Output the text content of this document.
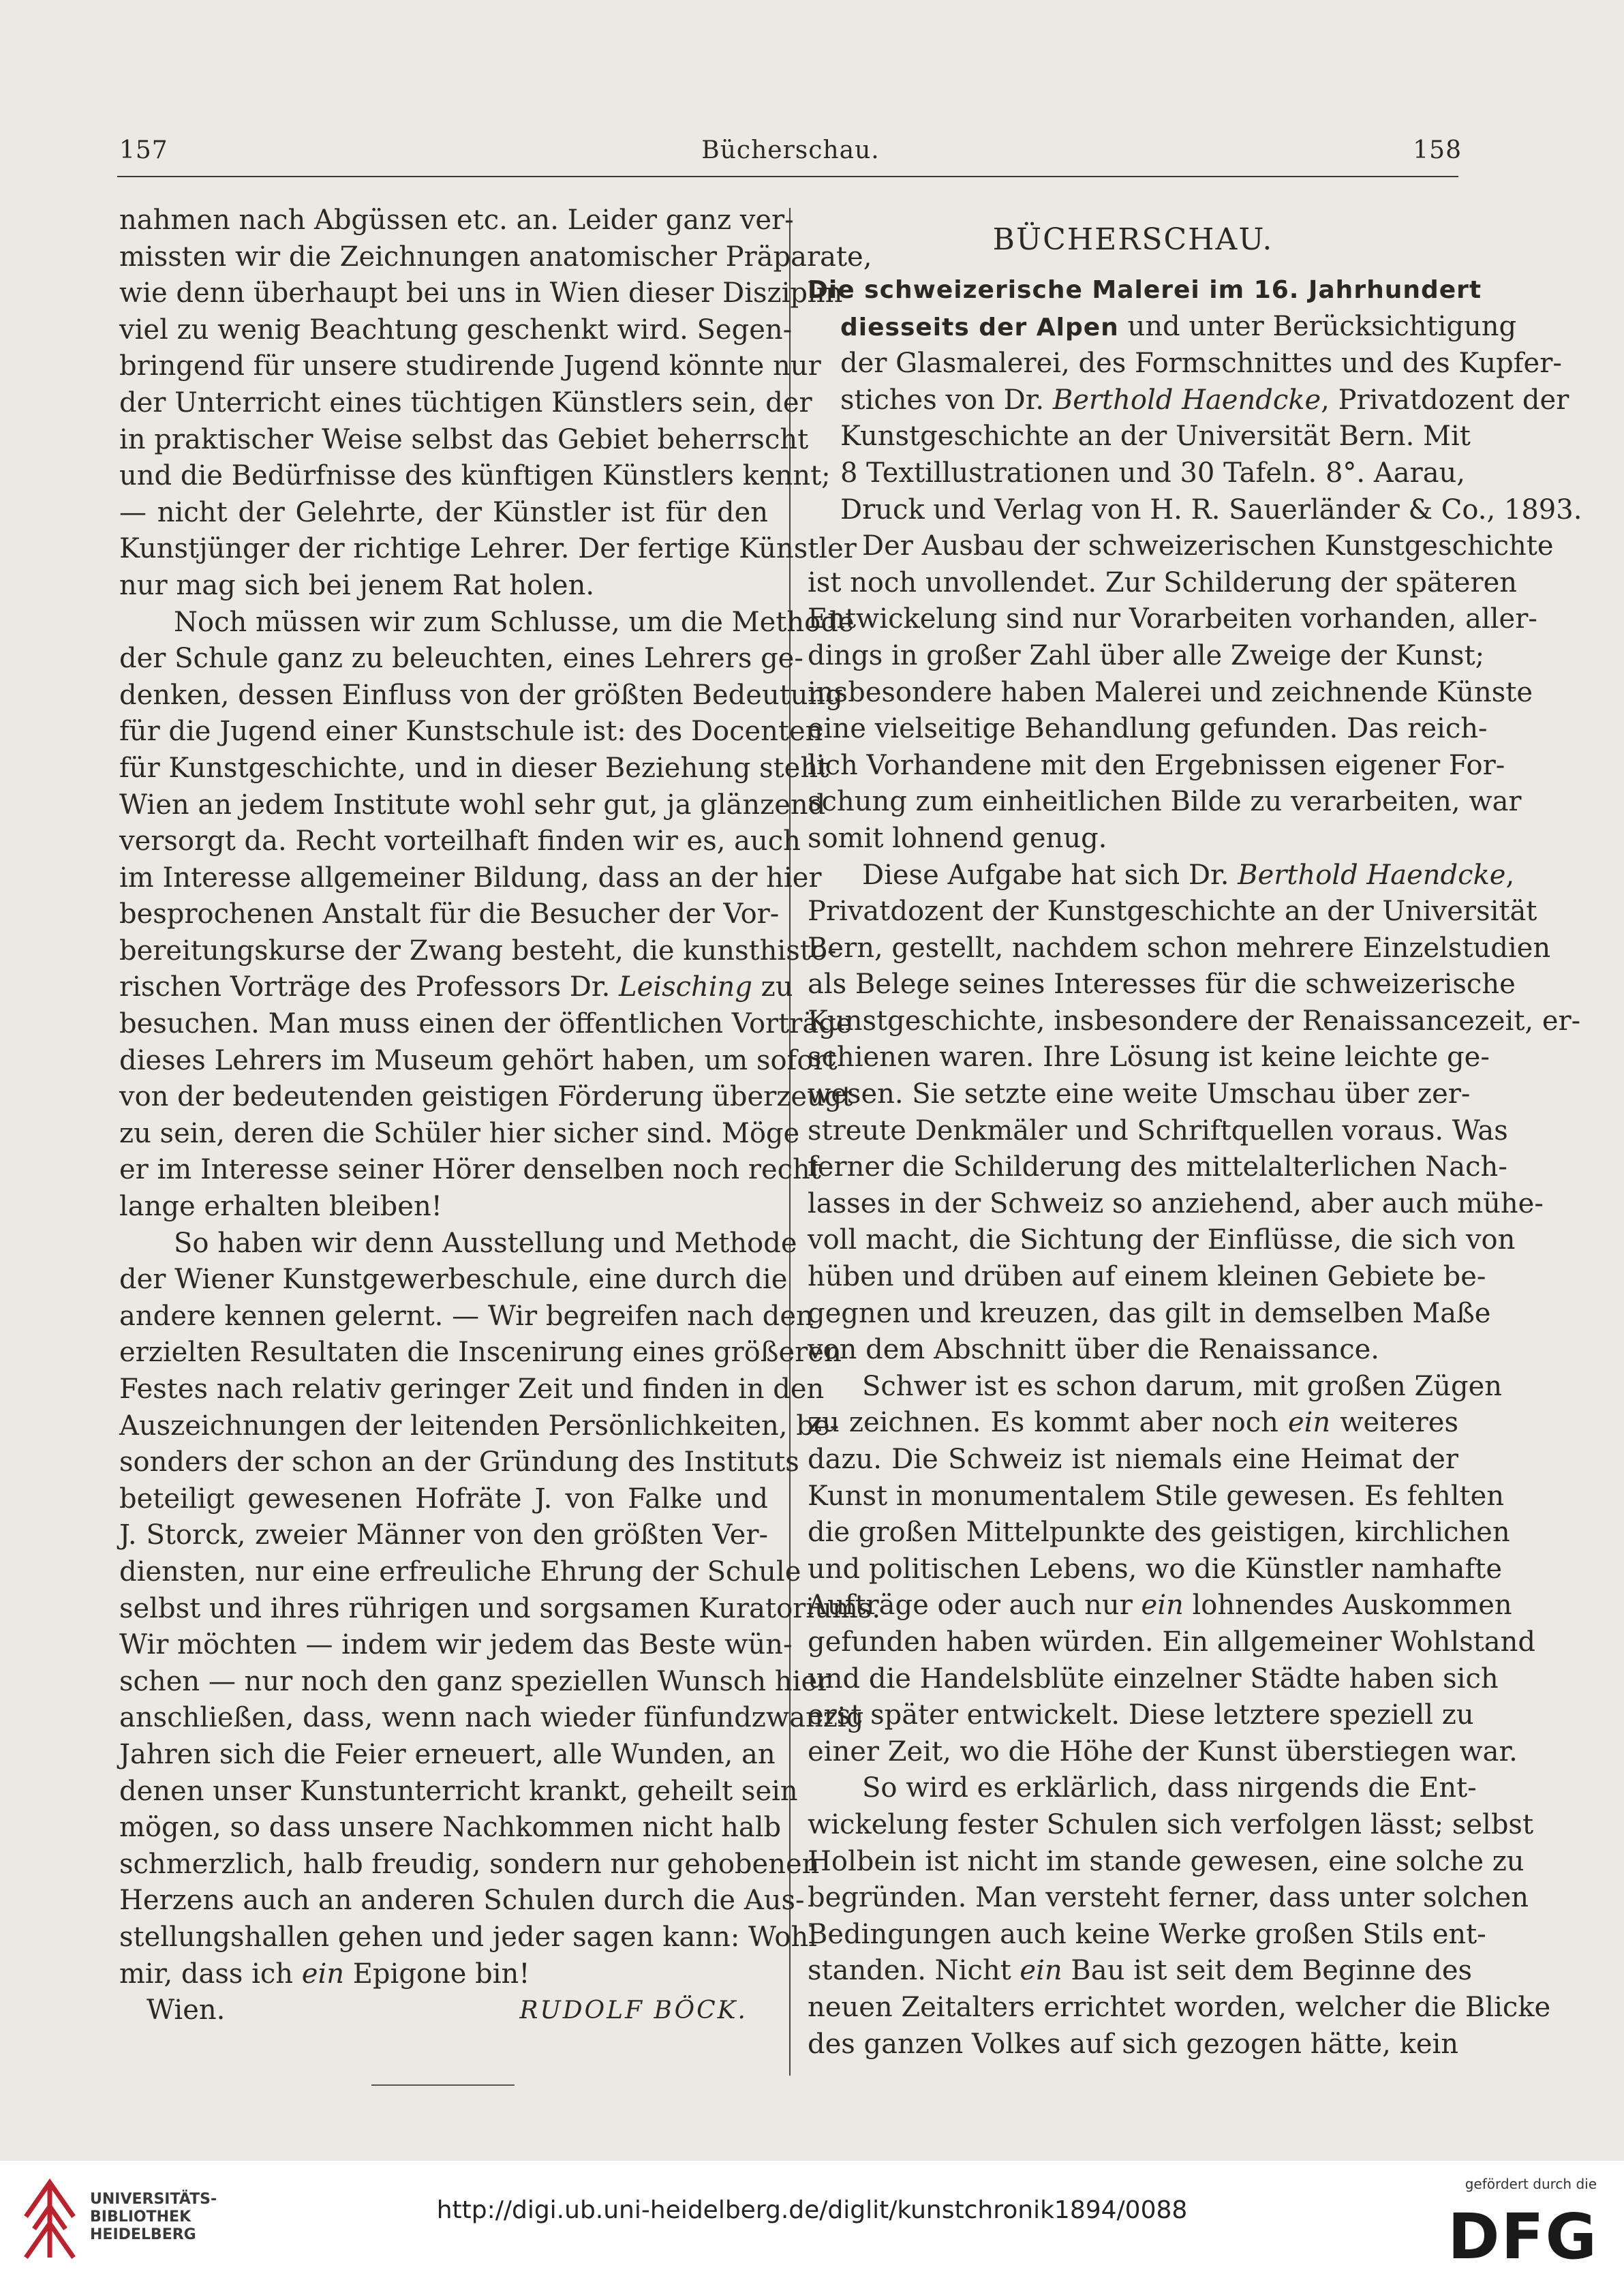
157	Bücherschau.	158
nahmen nach Abgüssen etc. an. Leider ganz ver-
missten wir die Zeichnungen anatomischer Präparate,
wie denn überhaupt bei uns in Wien dieser Disziplin
viel zu wenig Beachtung geschenkt wird. Segen-
bringend für unsere studirende Jugend könnte nur
der Unterricht eines tüchtigen Künstlers sein, der
in praktischer Weise selbst das Gebiet beherrscht
und die Bedürfnisse des künftigen Künstlers kennt;
— nicht der Gelehrte, der Künstler ist für den
Kunstjünger der richtige Lehrer. Der fertige Künstler
nur mag sich bei jenem Rat holen.
Noch müssen wir zum Schlusse, um die Methode
der Schule ganz zu beleuchten, eines Lehrers ge-
denken, dessen Einfluss von der größten Bedeutung
für die Jugend einer Kunstschule ist: des Docenten
für Kunstgeschichte, und in dieser Beziehung steht
Wien an jedem Institute wohl sehr gut, ja glänzend
versorgt da. Recht vorteilhaft finden wir es, auch
im Interesse allgemeiner Bildung, dass an der hier
besprochenen Anstalt für die Besucher der Vor-
bereitungskurse der Zwang besteht, die kunsthisto-
rischen Vorträge des Professors Dr. Leisching zu
besuchen. Man muss einen der öffentlichen Vorträge
dieses Lehrers im Museum gehört haben, um sofort
von der bedeutenden geistigen Förderung überzeugt
zu sein, deren die Schüler hier sicher sind. Möge
er im Interesse seiner Hörer denselben noch recht
lange erhalten bleiben!
So haben wir denn Ausstellung und Methode
der Wiener Kunstgewerbeschule, eine durch die
andere kennen gelernt. — Wir begreifen nach den
erzielten Resultaten die Inscenirung eines größeren
Festes nach relativ geringer Zeit und finden in den
Auszeichnungen der leitenden Persönlichkeiten, be-
sonders der schon an der Gründung des Instituts
beteiligt gewesenen Hofräte J. von Falke und
J. Storck, zweier Männer von den größten Ver-
diensten, nur eine erfreuliche Ehrung der Schule
selbst und ihres rührigen und sorgsamen Kuratoriums.
Wir möchten — indem wir jedem das Beste wün-
schen — nur noch den ganz speziellen Wunsch hier
anschließen, dass, wenn nach wieder fünfundzwanzig
Jahren sich die Feier erneuert, alle Wunden, an
denen unser Kunstunterricht krankt, geheilt sein
mögen, so dass unsere Nachkommen nicht halb
schmerzlich, halb freudig, sondern nur gehobenen
Herzens auch an anderen Schulen durch die Aus-
stellungshallen gehen und jeder sagen kann: Wohl
mir, dass ich ein Epigone bin!
Wien.	RUDOLF BÖCK.
BÜCHERSCHAU.
Die schweizerische Malerei im 16. Jahrhundert
diesseits der Alpen und unter Berücksichtigung
der Glasmalerei, des Formschnittes und des Kupfer-
stiches von Dr. Berthold Haendcke, Privatdozent der
Kunstgeschichte an der Universität Bern. Mit
8 Textillustrationen und 30 Tafeln. 8°. Aarau,
Druck und Verlag von H. R. Sauerländer & Co., 1893.
Der Ausbau der schweizerischen Kunstgeschichte
ist noch unvollendet. Zur Schilderung der späteren
Entwickelung sind nur Vorarbeiten vorhanden, aller-
dings in großer Zahl über alle Zweige der Kunst;
insbesondere haben Malerei und zeichnende Künste
eine vielseitige Behandlung gefunden. Das reich-
lich Vorhandene mit den Ergebnissen eigener For-
schung zum einheitlichen Bilde zu verarbeiten, war
somit lohnend genug.
Diese Aufgabe hat sich Dr. Berthold Haendcke,
Privatdozent der Kunstgeschichte an der Universität
Bern, gestellt, nachdem schon mehrere Einzelstudien
als Belege seines Interesses für die schweizerische
Kunstgeschichte, insbesondere der Renaissancezeit, er-
schienen waren. Ihre Lösung ist keine leichte ge-
wesen. Sie setzte eine weite Umschau über zer-
streute Denkmäler und Schriftquellen voraus. Was
ferner die Schilderung des mittelalterlichen Nach-
lasses in der Schweiz so anziehend, aber auch mühe-
voll macht, die Sichtung der Einflüsse, die sich von
hüben und drüben auf einem kleinen Gebiete be-
gegnen und kreuzen, das gilt in demselben Maße
von dem Abschnitt über die Renaissance.
Schwer ist es schon darum, mit großen Zügen
zu zeichnen. Es kommt aber noch ein weiteres
dazu. Die Schweiz ist niemals eine Heimat der
Kunst in monumentalem Stile gewesen. Es fehlten
die großen Mittelpunkte des geistigen, kirchlichen
und politischen Lebens, wo die Künstler namhafte
Aufträge oder auch nur ein lohnendes Auskommen
gefunden haben würden. Ein allgemeiner Wohlstand
und die Handelsblüte einzelner Städte haben sich
erst später entwickelt. Diese letztere speziell zu
einer Zeit, wo die Höhe der Kunst überstiegen war.
So wird es erklärlich, dass nirgends die Ent-
wickelung fester Schulen sich verfolgen lässt; selbst
Holbein ist nicht im stande gewesen, eine solche zu
begründen. Man versteht ferner, dass unter solchen
Bedingungen auch keine Werke großen Stils ent-
standen. Nicht ein Bau ist seit dem Beginne des
neuen Zeitalters errichtet worden, welcher die Blicke
des ganzen Volkes auf sich gezogen hätte, kein
UNIVERSITÄTS-
BIBLIOTHEK
HEIDELBERG
http://digi.ub.uni-heidelberg.de/diglit/kunstchronik1894/0088
gefördert durch die
DFG
